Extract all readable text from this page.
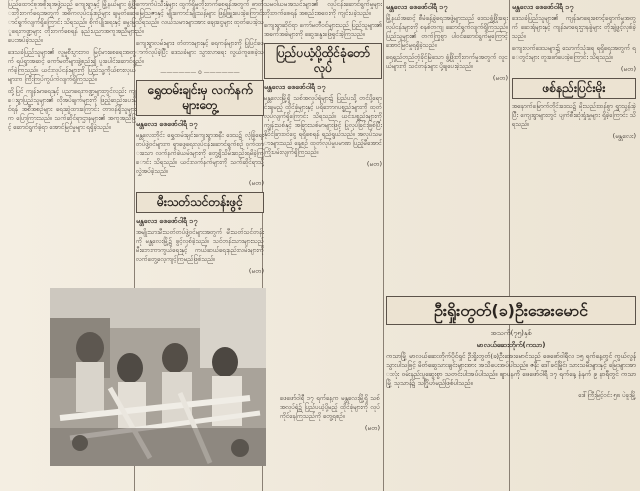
ပြည်ထောင်စုအစိုးရအဖွဲ့သည် ကျေးရွာနှင့် မြို့နယ်များ ဖွံ့ဖြိုးတိုးတက်ရေးအတွက် အဓိကလုပ်ငန်းစဉ်များ ချမှတ်ဆောင်ရွက်လျက်ရှိကြောင်း သိရသည်။ စိုက်ပျိုးရေးနှင့် မွေးမြူရေးကဏ္ဍများ တိုးတက်စေရန် နည်းပညာအကူအညီများ ပေးအပ်ခဲ့သည်။

ဒေသခံပြည်သူများ၏ လူမှုစီးပွားဘဝ မြင့်မားစေရေးအတွက် ရပ်ရွာအဆင့် ကော်မတီများဖွဲ့စည်း၍ ပူးပေါင်းဆောင်ရွက်ခဲ့ကြသည်။ ယင်းလုပ်ငန်းများကို ပြည်သူ့ကိုယ်စားလှယ်များက ကြီးကြပ်ကွပ်ကဲလျက်ရှိကြသည်။

ထို့ပြင် ကျန်းမာရေးနှင့် ပညာရေးကဏ္ဍများတွင်လည်း ကျေးရွာပြည်သူများ၏ လိုအပ်ချက်များကို ဖြည့်ဆည်းပေးနိုင်ရန် အစီအစဉ်များ ရေးဆွဲထားကြောင်း တာဝန်ရှိသူများက ပြောကြားသည်။ သက်ဆိုင်ရာဌာနများ၏ အကူအညီဖြင့် ဆောင်ရွက်ခဲ့ရာ အောင်မြင်မှုများ ရရှိခဲ့သည်။

ကောက်ပဲသီးနှံများ ထွက်ရှိမှုတိုးတက်စေရန်အတွက် ဓာတ်မြေဩဇာနှင့် မျိုးကောင်းမျိုးသန့်များ ဖြန့်ဖြူးပေးခဲ့ကြောင်း သိရသည်။ လယ်သမားများအား ချေးငွေများ ထုတ်ပေးခဲ့သည်။

ကျေးရွာလမ်းများ၊ တံတားများနှင့် ရေကန်များကို ပြုပြင်ဖောက်လုပ်ခဲ့ပြီး ဒေသခံများ သွားလာရေး လွယ်ကူစေခဲ့သည်။

—————— o ——————
ရွှေထမ်းချင်းမှ လက်နက်များတွေ့
မန္တလေး၊ ဖေဖော်ဝါရီ ၁၇

မန္တလေးတိုင်း ရွှေထမ်းချင်းကျေးရွာအနီး ဒေသ၌ လုံခြုံရေးတပ်ဖွဲ့ဝင်များက ရှာဖွေရေးလုပ်ငန်းဆောင်ရွက်စဉ် ဝှက်ထားသော လက်နက်ခဲယမ်းများကို တွေ့ရှိသိမ်းဆည်းရမိခဲ့ကြောင်း သိရသည်။ ယင်းလက်နက်များကို သက်ဆိုင်ရာသို့ လွှဲအပ်ခဲ့သည်။

(မတ)
မီးသတ်သင်တန်းဖွင့်
မန္တလေး၊ ဖေဖော်ဝါရီ ၁၇

အမျိုးသားမီးသတ်တပ်ဖွဲ့ဝင်များအတွက် မီးသတ်သင်တန်းကို မန္တလေးမြို့၌ ဖွင့်လှစ်ခဲ့သည်။ သင်တန်းသားများသည် မီးဘေးကာကွယ်ရေးနှင့် ကယ်ဆယ်ရေးနည်းလမ်းများကို လက်တွေ့လေ့ကျင့်ကြမည်ဖြစ်သည်။

(မတ)

သမဝါယမအသင်းများ၏ လုပ်ငန်းဆောင်ရွက်မှုများ တိုးတက်စေရန် အစည်းအဝေးကို ကျင်းပခဲ့သည်။

ကျေးရွာဆိုင်ရာ ကော်မတီဝင်များသည် ပြည်သူများ၏ အခက်အခဲများကို ဆွေးနွေးဖြေရှင်းခဲ့ကြသည်။

ပြည်ပယံ့ပို့ထိုင်ခုံတော်လုပ်
မန္တလေး၊ ဖေဖော်ဝါရီ ၁၇

မန္တလေးမြို့ရှိ သစ်အလုပ်ရုံများ၌ ပြည်ပသို့ တင်ပို့ရောင်းချမည့် ထိုင်ခုံများနှင့် ပရိဘောဂပစ္စည်းများကို ထုတ်လုပ်လျက်ရှိကြောင်း သိရသည်။ ယင်းပစ္စည်းများကို ကျွန်းသစ်နှင့် အခြားသစ်မာများဖြင့် ပြုလုပ်ခြင်းဖြစ်ပြီး နိုင်ငံခြားဝင်ငွေ ရရှိစေရန် ရည်ရွယ်သည်။ အလုပ်သမားများသည် နေ့စဉ် ထုတ်လုပ်မှုပမာဏ ပြည့်မီအောင် ကြိုးပမ်းလျက်ရှိကြသည်။

(မတ)

ဖေဖော်ဝါရီ ၁၇ ရက်နေ့က မန္တလေးမြို့ရှိ သစ်အလုပ်ရုံ၌ ပြည်ပယံ့ပို့မည့် ထိုင်ခုံများကို လုပ်ကိုင်နေကြသည်ကို တွေ့ရစဉ်။

(မတ)
မန္တလေး၊ ဖေဖော်ဝါရီ ၁၇

မြို့နယ်အဆင့် စီမံခန့်ခွဲရေးအဖွဲ့များသည် ဒေသဖွံ့ဖြိုးရေးလုပ်ငန်းများကို စနစ်တကျ ဆောင်ရွက်လျက်ရှိကြသည်။ ပြည်သူများ၏ တက်ကြွစွာ ပါဝင်ဆောင်ရွက်မှုကြောင့် အောင်မြင်မှုရရှိခဲ့သည်။

ရေရှည်တည်တံ့ခိုင်မြဲသော ဖွံ့ဖြိုးတိုးတက်မှုအတွက် လူငယ်များကို သင်တန်းများ ပို့ချပေးခဲ့သည်။

(မတ)
မန္တလေး၊ ဖေဖော်ဝါရီ ၁၇

ဒေသခံပြည်သူများ၏ ကျန်းမာရေးစောင့်ရှောက်မှုအတွက် ဆေးရုံများနှင့် ကျန်းမာရေးဌာနခွဲများ တိုးချဲ့ဖွင့်လှစ်ခဲ့သည်။

ကျေးလက်ဒေသများ၌ သောက်သုံးရေ ရရှိရေးအတွက် ရေတွင်းများ တူးဖော်ပေးခဲ့ကြောင်း သိရသည်။

(မတ)
ဖစ်နည်းပြင်းမိုး

အနောက်မြောက်တိုင်းဒေသ၌ မိုးသည်းထန်စွာ ရွာသွန်းခဲ့ပြီး ကျေးရွာများတွင် ပျက်စီးဆုံးရှုံးမှုများ ရှိခဲ့ကြောင်း သိရသည်။

(မန္တလေး)
ဦးရှိုးတွတ်(ခ)ဦးအေးမောင်
အသက်(၇၅)နှစ်
မာလယ်ဆေးတိုက်(ကသာ)

ကသာမြို့ မာလယ်ဆေးတိုက်ပိုင်ရှင် ဦးရှိုးတွတ်(ခ)ဦးအေးမောင်သည် ဖေဖော်ဝါရီလ ၁၅ ရက်နေ့တွင် ကွယ်လွန်သွားပါသဖြင့် မိတ်ဆွေသားချင်းများအား အသိပေးအပ်ပါသည်။ ဇနီး ဒေါ်ခင်မြိုင်၊ သားသမီးများနှင့် မြေးများအားလုံး ဝမ်းနည်းပူဆွေးစွာ သတင်းပါးအပ်ပါသည်။ ဈာပနကို ဖေဖော်ဝါရီ ၁၇ ရက်နေ့ နံနက် ၉ နာရီတွင် ကသာမြို့ သုသာန်၌ သင်္ဂြိုဟ်မည်ဖြစ်ပါသည်။

ဒေါ်ကြီးမြင့်ဝင်း ၅၈ ပဲခူးမြို့
